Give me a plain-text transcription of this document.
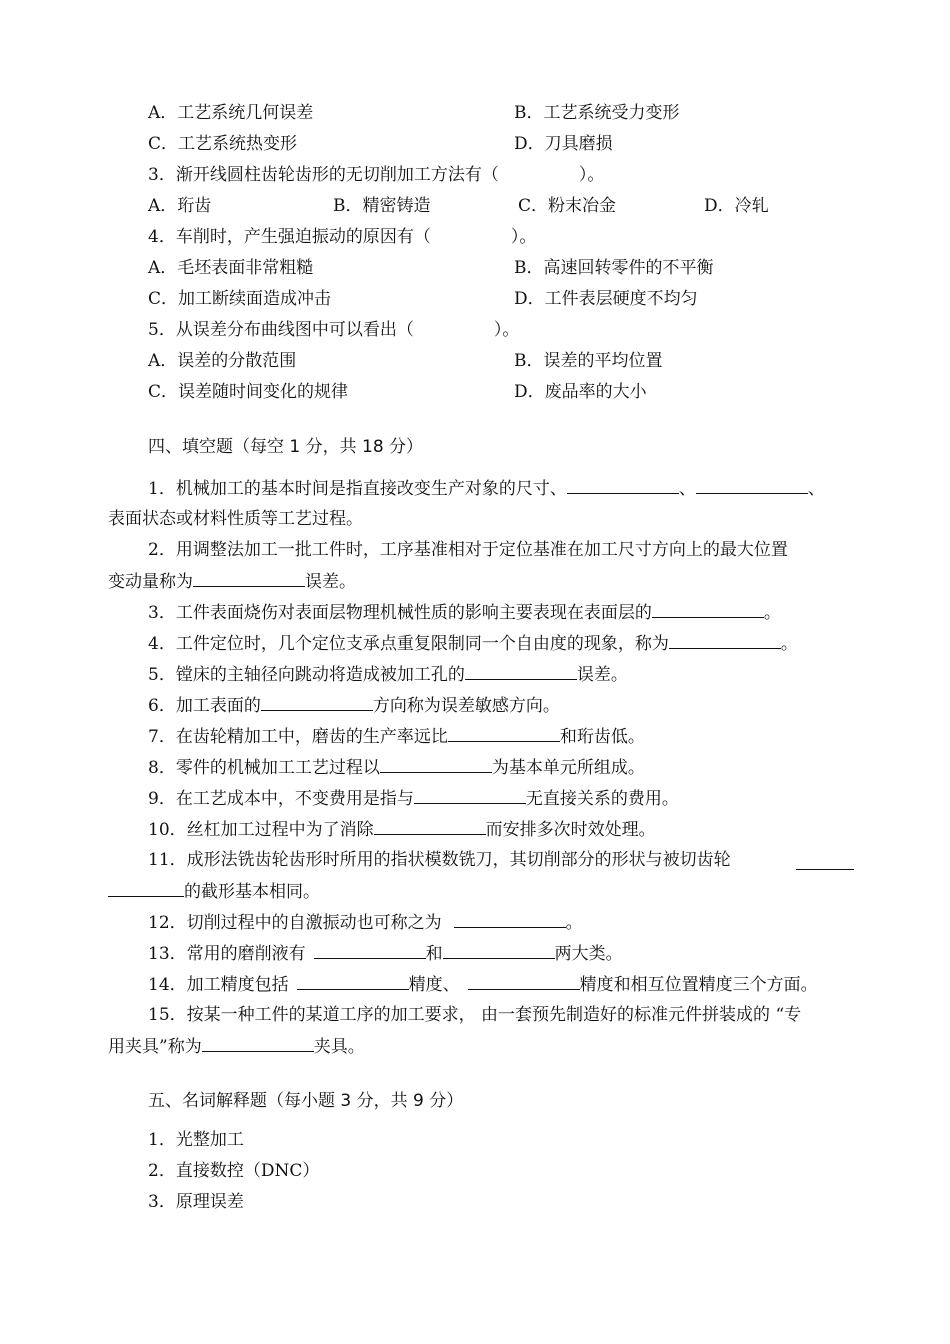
A．工艺系统几何误差	B．工艺系统受力变形
C．工艺系统热变形	D．刀具磨损
3．渐开线圆柱齿轮齿形的无切削加工方法有（	）。
A．珩齿	B．精密铸造	C．粉末冶金	D．冷轧
4．车削时，产生强迫振动的原因有（	）。
A．毛坯表面非常粗糙	B．高速回转零件的不平衡
C．加工断续面造成冲击	D．工件表层硬度不均匀
5．从误差分布曲线图中可以看出（	）。
A．误差的分散范围	B．误差的平均位置
C．误差随时间变化的规律	D．废品率的大小
四、填空题（每空 1 分，共 18 分）
1．机械加工的基本时间是指直接改变生产对象的尺寸、	、	、
表面状态或材料性质等工艺过程。
2．用调整法加工一批工件时，工序基准相对于定位基准在加工尺寸方向上的最大位置
变动量称为	误差。
3．工件表面烧伤对表面层物理机械性质的影响主要表现在表面层的	。
4．工件定位时，几个定位支承点重复限制同一个自由度的现象，称为	。
5．镗床的主轴径向跳动将造成被加工孔的	误差。
6．加工表面的	方向称为误差敏感方向。
7．在齿轮精加工中，磨齿的生产率远比	和珩齿低。
8．零件的机械加工工艺过程以	为基本单元所组成。
9．在工艺成本中，不变费用是指与	无直接关系的费用。
10．丝杠加工过程中为了消除	而安排多次时效处理。
11．成形法铣齿轮齿形时所用的指状模数铣刀，其切削部分的形状与被切齿轮
的截形基本相同。
12．切削过程中的自激振动也可称之为	。
13．常用的磨削液有	和	两大类。
14．加工精度包括	精度、	精度和相互位置精度三个方面。
15．按某一种工件的某道工序的加工要求， 由一套预先制造好的标准元件拼装成的 “专
用夹具”称为	夹具。
五、名词解释题（每小题 3 分，共 9 分）
1．光整加工
2．直接数控（DNC）
3．原理误差
